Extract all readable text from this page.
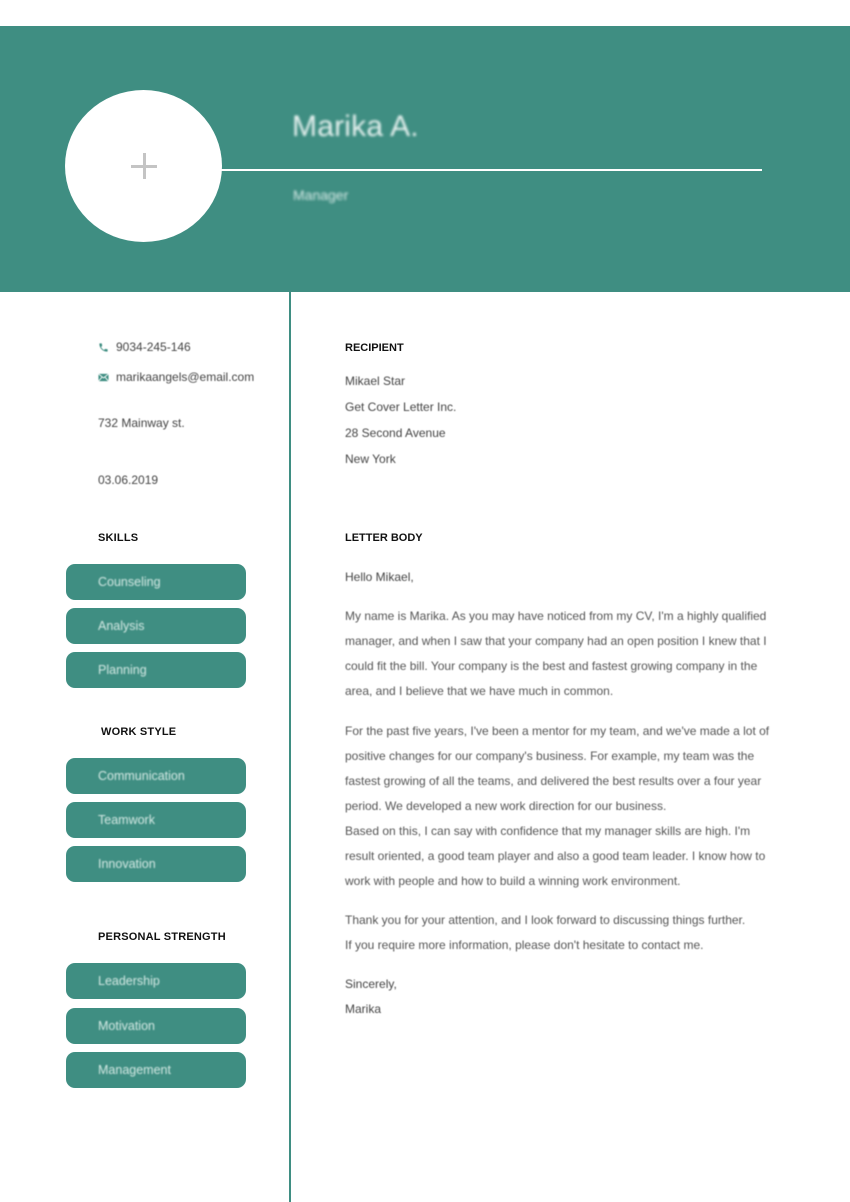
Marika A.
Manager
9034-245-146
marikaangels@email.com
732 Mainway st.
03.06.2019
SKILLS
Counseling
Analysis
Planning
WORK STYLE
Communication
Teamwork
Innovation
PERSONAL STRENGTH
Leadership
Motivation
Management
RECIPIENT
Mikael Star
Get Cover Letter Inc.
28 Second Avenue
New York
LETTER BODY
Hello Mikael,
My name is Marika. As you may have noticed from my CV, I'm a highly qualified
manager, and when I saw that your company had an open position I knew that I
could fit the bill. Your company is the best and fastest growing company in the
area, and I believe that we have much in common.
For the past five years, I've been a mentor for my team, and we've made a lot of
positive changes for our company's business. For example, my team was the
fastest growing of all the teams, and delivered the best results over a four year
period. We developed a new work direction for our business.
Based on this, I can say with confidence that my manager skills are high. I'm
result oriented, a good team player and also a good team leader. I know how to
work with people and how to build a winning work environment.
Thank you for your attention, and I look forward to discussing things further.
If you require more information, please don't hesitate to contact me.
Sincerely,
Marika
